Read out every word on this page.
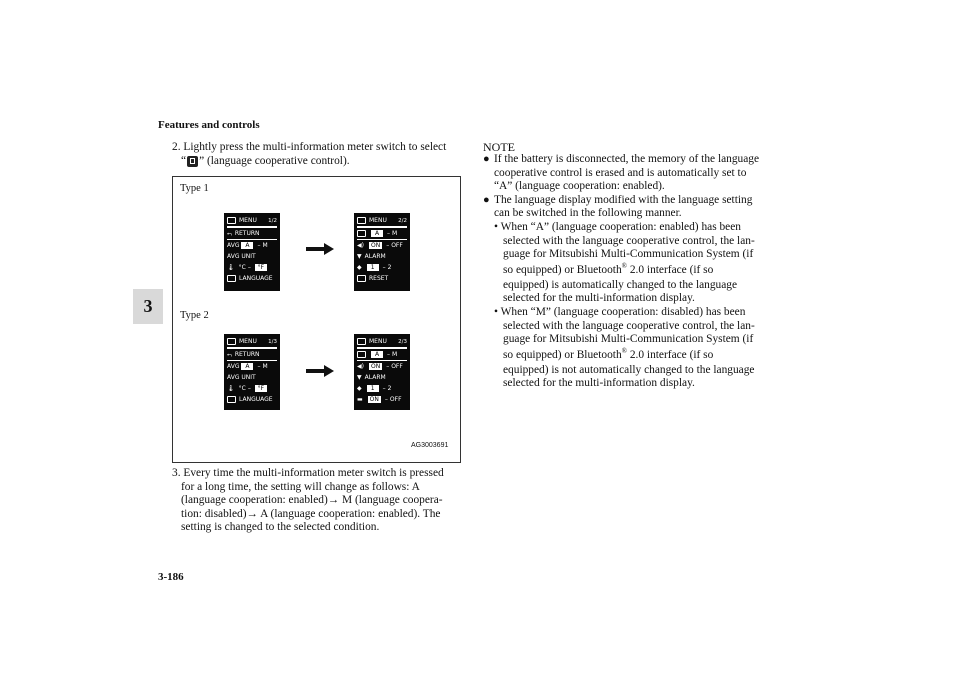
Features and controls
3
3-186
2. Lightly press the multi-information meter switch to select
“ ” (language cooperative control).
Type 1
Type 2
AG3003691
MENU 1/2
⮢ RETURN
AVG A	– M
AVG UNIT
🌡 °C –	°F
LANGUAGE
MENU 2/2
A	– M
◀)	ON	– OFF
▼ ALARM
◆	1	– 2
RESET
MENU 1/3
⮢ RETURN
AVG A	– M
AVG UNIT
🌡 °C –	°F
LANGUAGE
MENU 2/3
A	– M
◀)	ON	– OFF
▼ ALARM
◆	1	– 2
▬	ON	– OFF
3. Every time the multi-information meter switch is pressed
for a long time, the setting will change as follows: A
(language cooperation: enabled)→ M (language coopera-
tion: disabled)→ A (language cooperation: enabled). The
setting is changed to the selected condition.
NOTE
● If the battery is disconnected, the memory of the language
cooperative control is erased and is automatically set to
“A” (language cooperation: enabled).
● The language display modified with the language setting
can be switched in the following manner.
• When “A” (language cooperation: enabled) has been
selected with the language cooperative control, the lan-
guage for Mitsubishi Multi-Communication System (if
so equipped) or Bluetooth® 2.0 interface (if so
equipped) is automatically changed to the language
selected for the multi-information display.
• When “M” (language cooperation: disabled) has been
selected with the language cooperative control, the lan-
guage for Mitsubishi Multi-Communication System (if
so equipped) or Bluetooth® 2.0 interface (if so
equipped) is not automatically changed to the language
selected for the multi-information display.
